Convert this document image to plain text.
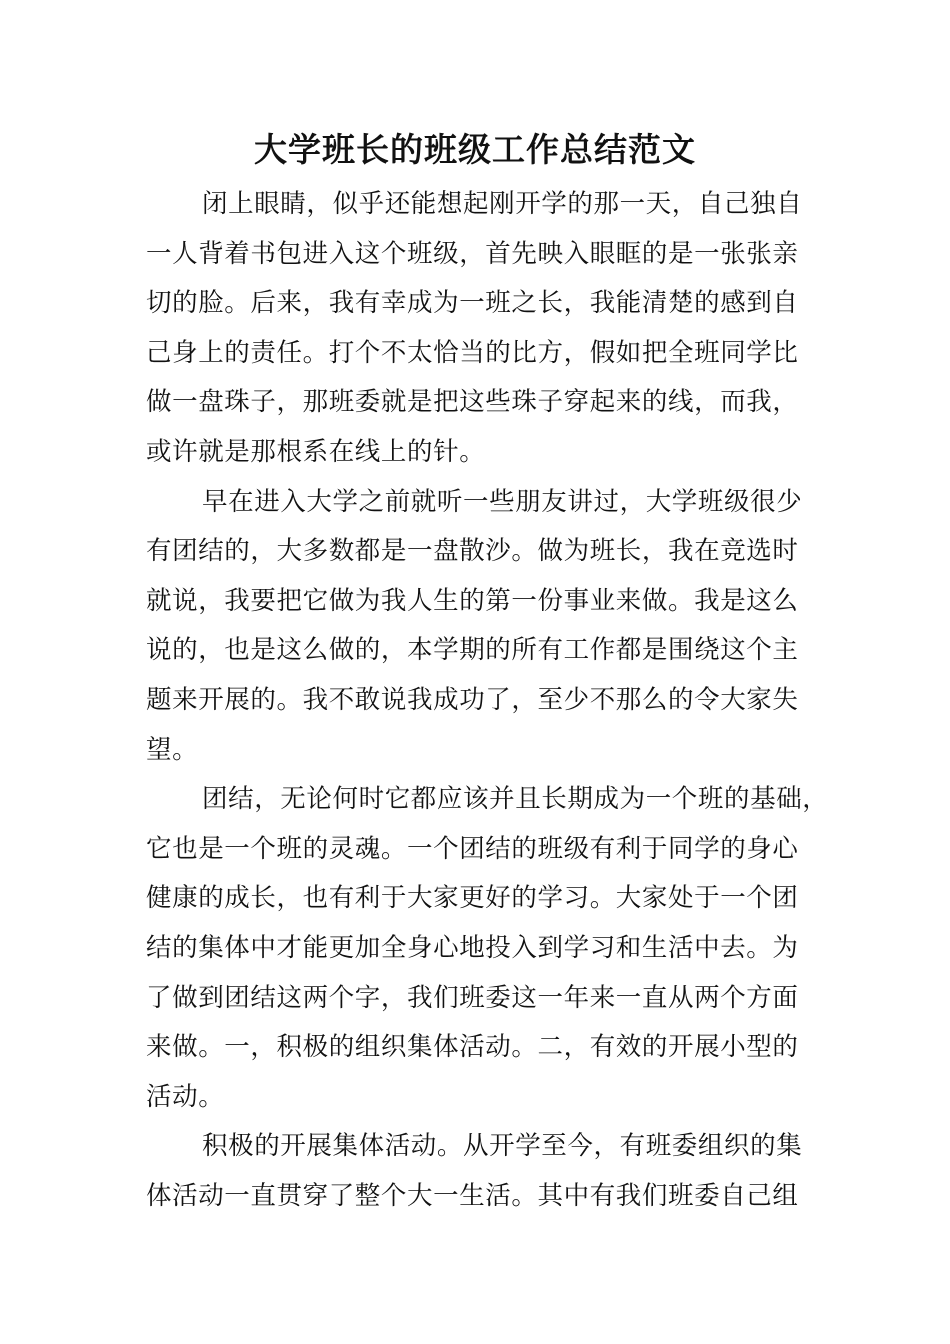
大学班长的班级工作总结范文
闭上眼睛，似乎还能想起刚开学的那一天，自己独自
一人背着书包进入这个班级，首先映入眼眶的是一张张亲
切的脸。后来，我有幸成为一班之长，我能清楚的感到自
己身上的责任。打个不太恰当的比方，假如把全班同学比
做一盘珠子，那班委就是把这些珠子穿起来的线，而我，
或许就是那根系在线上的针。
早在进入大学之前就听一些朋友讲过，大学班级很少
有团结的，大多数都是一盘散沙。做为班长，我在竞选时
就说，我要把它做为我人生的第一份事业来做。我是这么
说的，也是这么做的，本学期的所有工作都是围绕这个主
题来开展的。我不敢说我成功了，至少不那么的令大家失
望。
团结，无论何时它都应该并且长期成为一个班的基础，
它也是一个班的灵魂。一个团结的班级有利于同学的身心
健康的成长，也有利于大家更好的学习。大家处于一个团
结的集体中才能更加全身心地投入到学习和生活中去。为
了做到团结这两个字，我们班委这一年来一直从两个方面
来做。一，积极的组织集体活动。二，有效的开展小型的
活动。
积极的开展集体活动。从开学至今，有班委组织的集
体活动一直贯穿了整个大一生活。其中有我们班委自己组
